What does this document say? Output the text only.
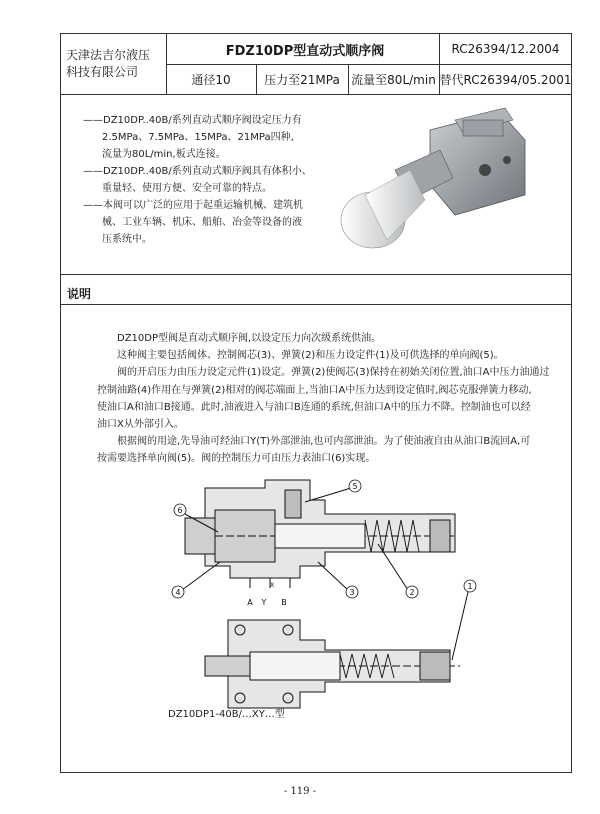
天津法吉尔液压
科技有限公司
FDZ10DP型直动式顺序阀	RC26394/12.2004
通径10	压力至21MPa 流量至80L/min 替代RC26394/05.2001

——DZ10DP..40B/系列直动式顺序阀设定压力有

2.5MPa、7.5MPa、15MPa、21MPa四种,

流量为80L/min,板式连接。

——DZ10DP..40B/系列直动式顺序阀具有体积小、

重量轻、使用方便、安全可靠的特点。

——本阀可以广泛的应用于起重运输机械、建筑机

械、工业车辆、机床、船舶、冶金等设备的液

压系统中。

说明

DZ10DP型阀是直动式顺序阀,以设定压力向次级系统供油。

这种阀主要包括阀体、控制阀芯(3)、弹簧(2)和压力设定件(1)及可供选择的单向阀(5)。

阀的开启压力由压力设定元件(1)设定。弹簧(2)使阀芯(3)保持在初始关闭位置,油口A中压力油通过

控制油路(4)作用在与弹簧(2)相对的阀芯端面上,当油口A中压力达到设定值时,阀芯克服弹簧力移动,

使油口A和油口B接通。此时,油液进入与油口B连通的系统,但油口A中的压力不降。控制油也可以经

油口X从外部引入。

根据阀的用途,先导油可经油口Y(T)外部泄油,也可内部泄油。为了使油液自由从油口B流回A,可

按需要选择单向阀(5)。阀的控制压力可由压力表油口(6)实现。

6
4	3	2
5
1
A Y
X
B
DZ10DP1-40B/…XY…型
- 119 -
